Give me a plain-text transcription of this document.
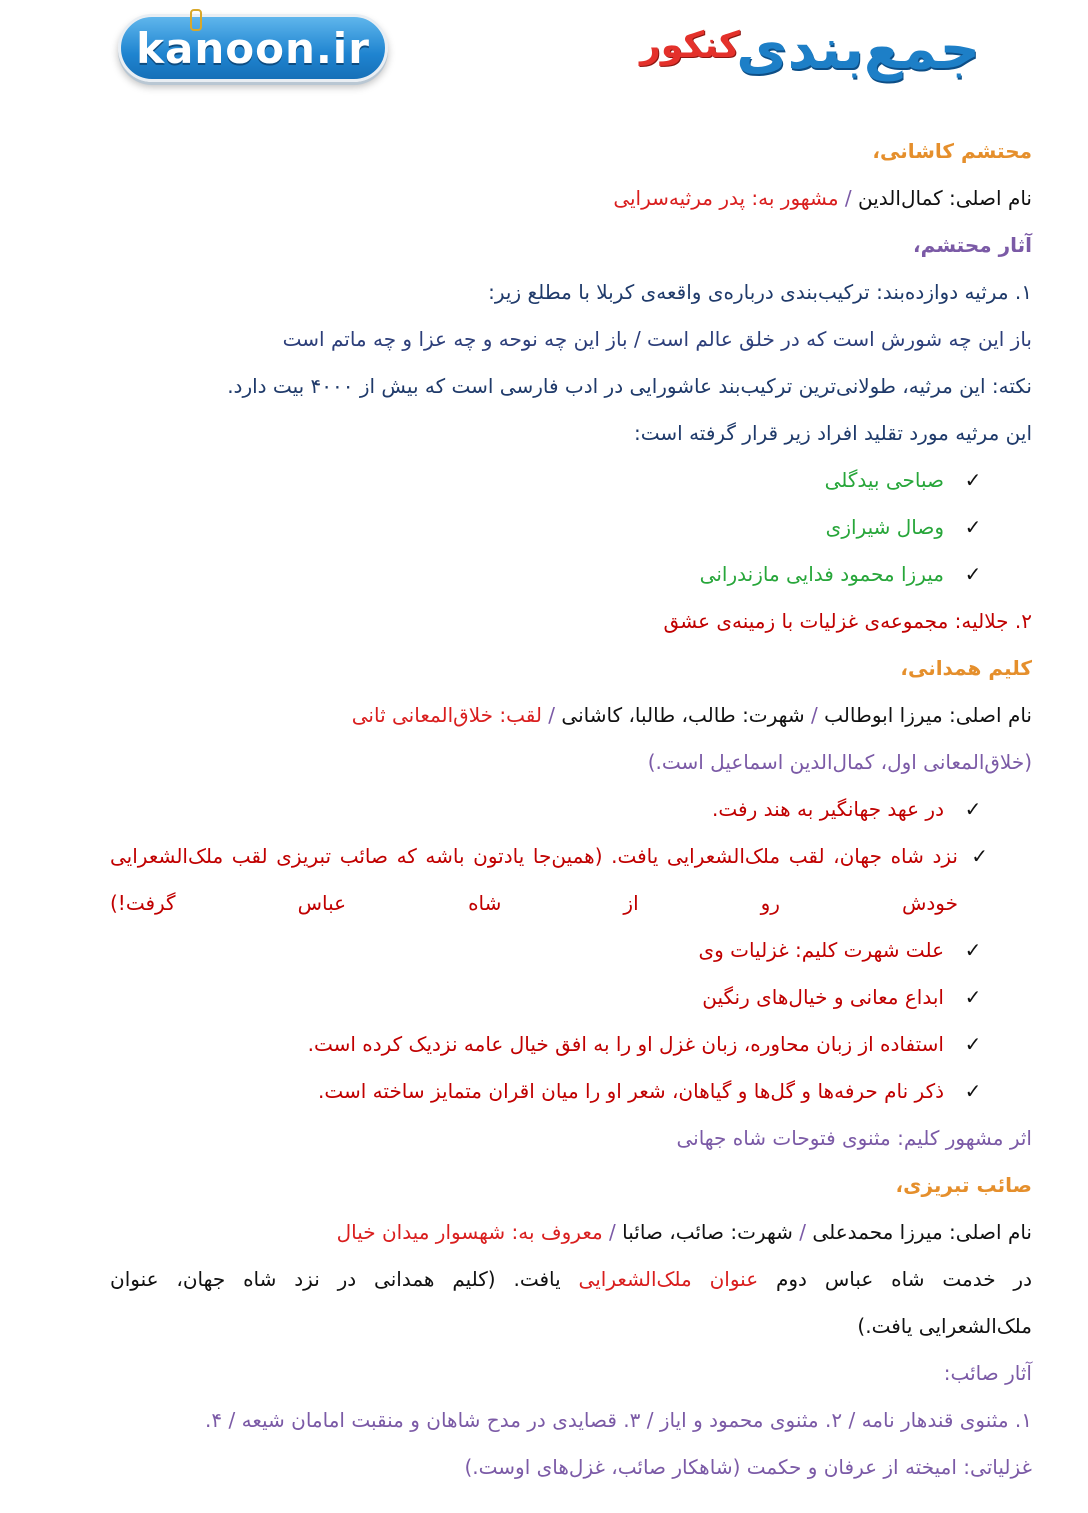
kanoon.ir	جمع‌بندی
کنکور
محتشم کاشانی،
نام اصلی: کمال‌الدین / مشهور به: پدر مرثیه‌سرایی
آثار محتشم،
۱. مرثیه دوازده‌بند: ترکیب‌بندی درباره‌ی واقعه‌ی کربلا با مطلع زیر:
باز این چه شورش است که در خلق عالم است / باز این چه نوحه و چه عزا و چه ماتم است
نکته: این مرثیه، طولانی‌ترین ترکیب‌بند عاشورایی در ادب فارسی است که بیش از ۴۰۰۰ بیت دارد.
این مرثیه مورد تقلید افراد زیر قرار گرفته است:
✓صباحی بیدگلی
✓وصال شیرازی
✓میرزا محمود فدایی مازندرانی
۲. جلالیه: مجموعه‌ی غزلیات با زمینه‌ی عشق
کلیم همدانی،
نام اصلی: میرزا ابوطالب / شهرت: طالب، طالبا، کاشانی / لقب: خلاق‌المعانی ثانی
(خلاق‌المعانی اول، کمال‌الدین اسماعیل است.)
✓در عهد جهانگیر به هند رفت.
✓
نزد شاه جهان، لقب ملک‌الشعرایی یافت. (همین‌جا یادتون باشه که صائب تبریزی لقب ملک‌الشعرایی خودش رو از شاه عباس گرفت!)
✓علت شهرت کلیم: غزلیات وی
✓ابداع معانی و خیال‌های رنگین
✓استفاده از زبان محاوره، زبان غزل او را به افق خیال عامه نزدیک کرده است.
✓ذکر نام حرفه‌ها و گل‌ها و گیاهان، شعر او را میان اقران متمایز ساخته است.
اثر مشهور کلیم: مثنوی فتوحات شاه جهانی
صائب تبریزی،
نام اصلی: میرزا محمدعلی / شهرت: صائب، صائبا / معروف به: شهسوار میدان خیال
در خدمت شاه عباس دوم عنوان ملک‌الشعرایی یافت. (کلیم همدانی در نزد شاه جهان، عنوان
ملک‌الشعرایی یافت.)
آثار صائب:
۱. مثنوی قندهار نامه / ۲. مثنوی محمود و ایاز / ۳. قصایدی در مدح شاهان و منقبت امامان شیعه / ۴.
غزلیاتی: امیخته از عرفان و حکمت (شاهکار صائب، غزل‌های اوست.)
